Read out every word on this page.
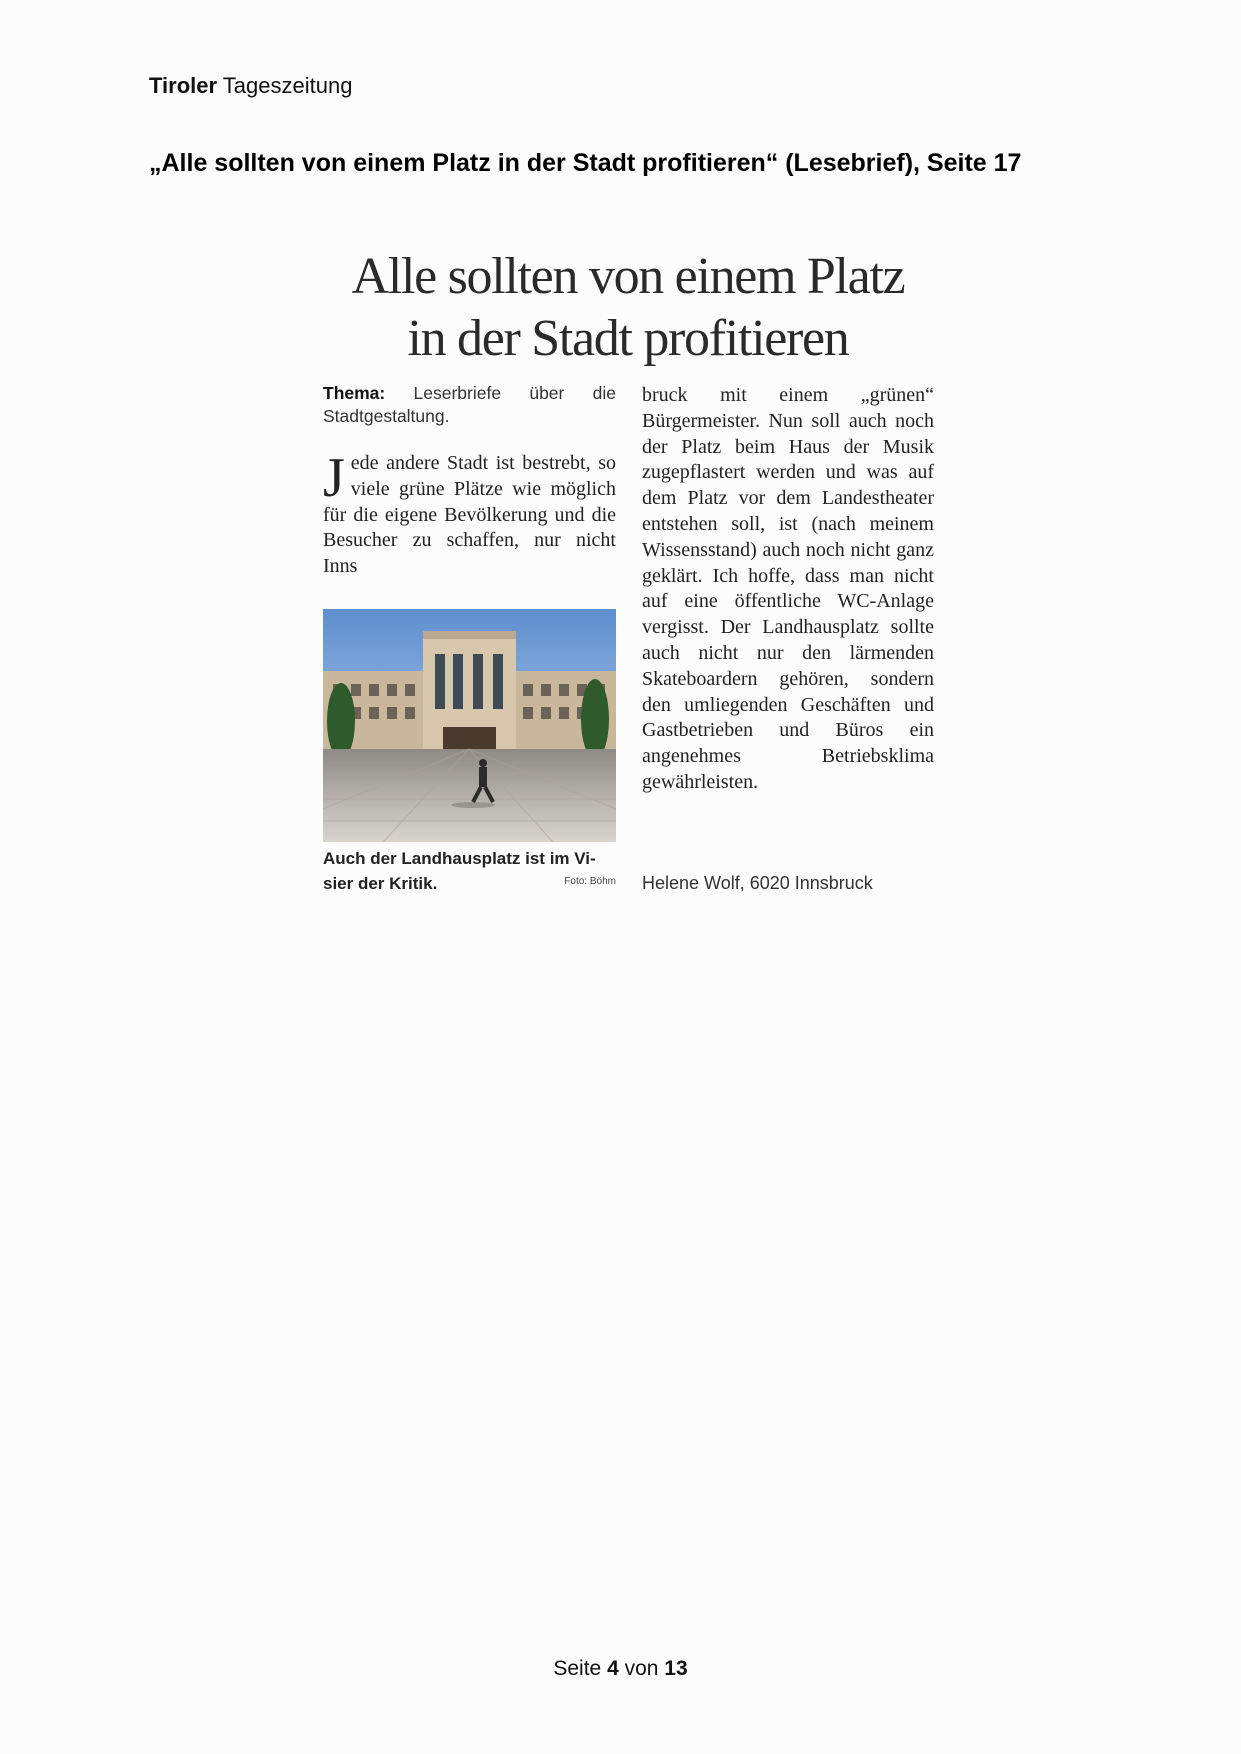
Tiroler Tageszeitung
„Alle sollten von einem Platz in der Stadt profitieren“ (Lesebrief), Seite 17
Alle sollten von einem Platz
in der Stadt profitieren
Thema: Leserbriefe über die Stadtgestaltung.
J ede andere Stadt ist bestrebt, so viele grüne Plätze wie möglich für die eigene Bevölkerung und die Besucher zu schaffen, nur nicht Inns
Auch der Landhausplatz ist im Visier der Kritik.	Foto: Böhm
bruck mit einem „grünen“ Bürgermeister. Nun soll auch noch der Platz beim Haus der Musik zugepflastert werden und was auf dem Platz vor dem Landestheater entstehen soll, ist (nach meinem Wissensstand) auch noch nicht ganz geklärt. Ich hoffe, dass man nicht auf eine öffentliche WC-Anlage vergisst. Der Landhausplatz sollte auch nicht nur den lärmenden Skateboardern gehören, sondern den umliegenden Geschäften und Gastbetrieben und Büros ein angenehmes Betriebsklima gewährleisten.
Helene Wolf, 6020 Innsbruck
Seite 4 von 13
